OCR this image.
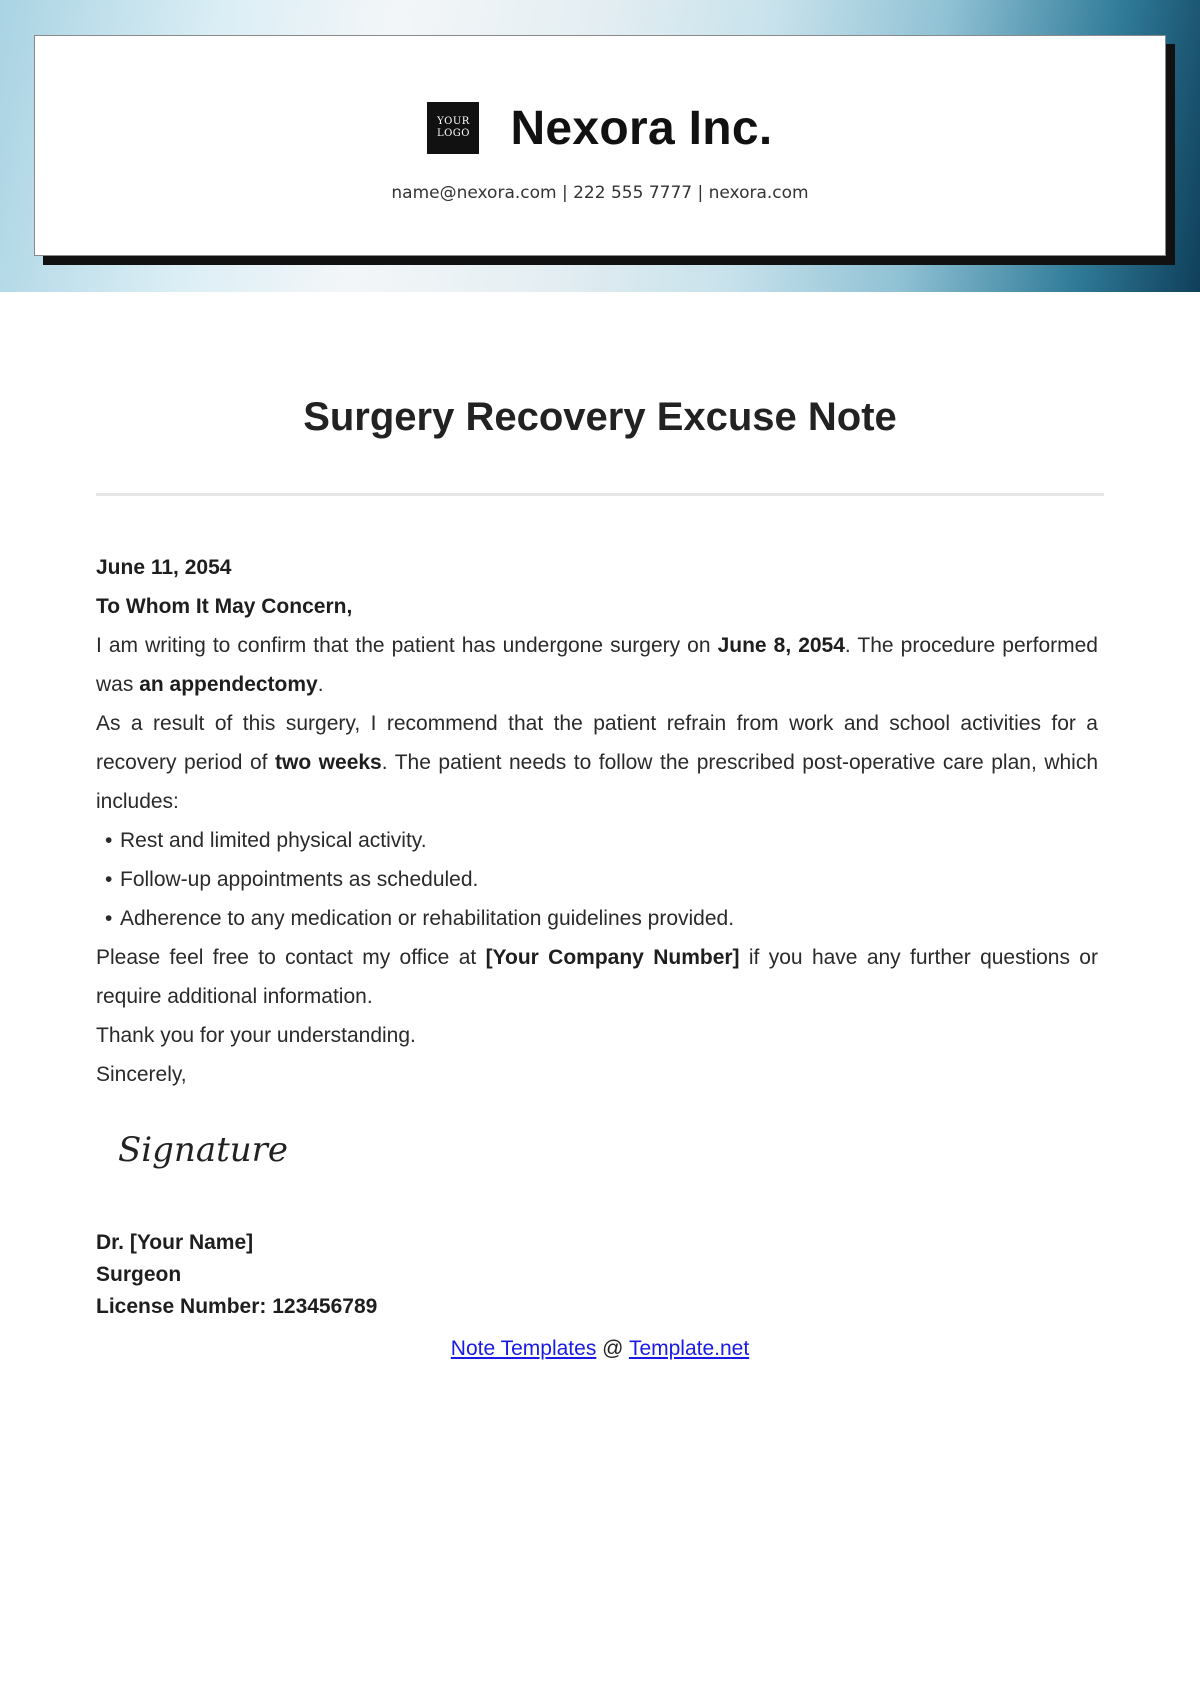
YOUR
LOGO Nexora Inc.
name@nexora.com | 222 555 7777 | nexora.com
Surgery Recovery Excuse Note

June 11, 2054

To Whom It May Concern,

I am writing to confirm that the patient has undergone surgery on June 8, 2054. The procedure performed was an appendectomy.

As a result of this surgery, I recommend that the patient refrain from work and school activities for a recovery period of two weeks. The patient needs to follow the prescribed post-operative care plan, which includes:

• Rest and limited physical activity.
• Follow-up appointments as scheduled.
• Adherence to any medication or rehabilitation guidelines provided.

Please feel free to contact my office at [Your Company Number] if you have any further questions or require additional information.

Thank you for your understanding.

Sincerely,

Signature
Dr. [Your Name]
Surgeon
License Number: 123456789
Note Templates @ Template.net
